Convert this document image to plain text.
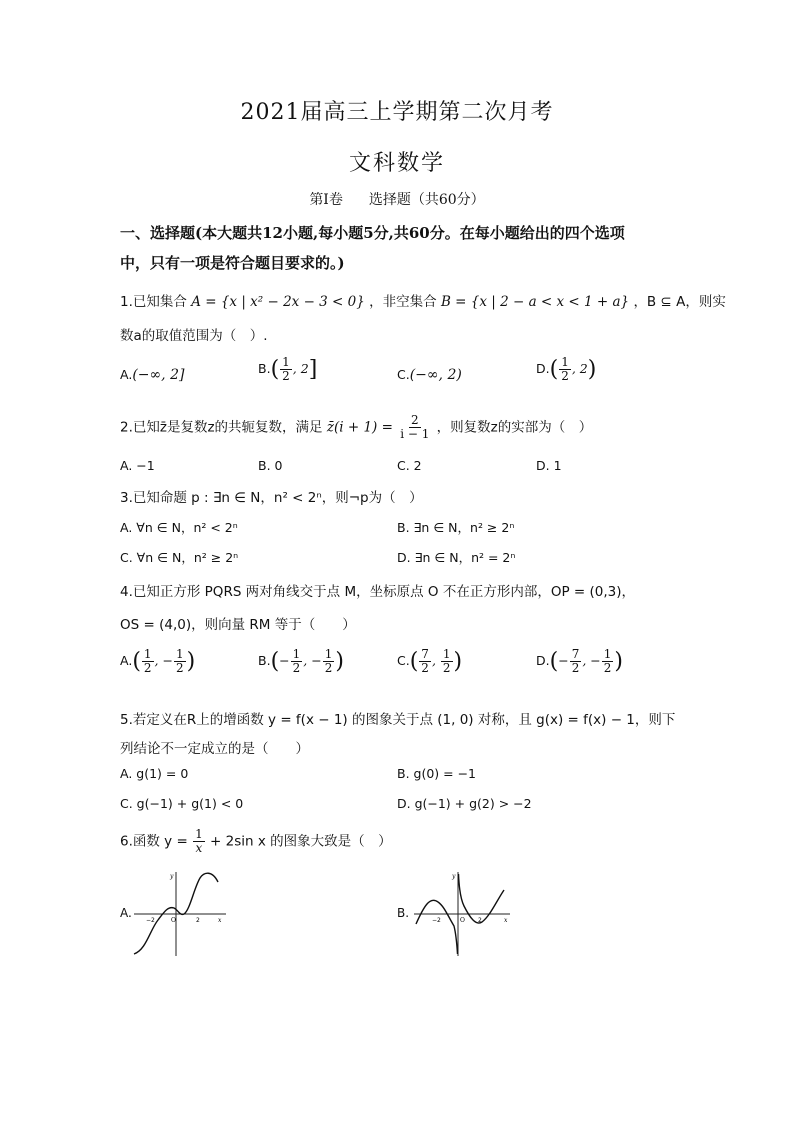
2021届高三上学期第二次月考
文科数学
第Ⅰ卷 选择题（共60分）
一、选择题(本大题共12小题,每小题5分,共60分。在每小题给出的四个选项
中，只有一项是符合题目要求的。)
1.已知集合 A = {x | x² − 2x − 3 < 0} ，非空集合 B = {x | 2 − a < x < 1 + a} ，B ⊆ A，则实
数a的取值范围为（　）.
A.(−∞, 2]	$B.( \frac{1}{2}$ , 2]	C.(−∞, 2)	$D.( \frac{1}{2}$ , 2)
2.已知z̄是复数z的共轭复数，满足 z̄(i + $1) = \frac{2}{i - 1}$ ，则复数z的实部为（　）
A. −1	B. 0	C. 2	D. 1
3.已知命题 p : ∃n ∈ N，n² < 2ⁿ，则¬p为（　）
A. ∀n ∈ N，n² < 2ⁿ	B. ∃n ∈ N，n² ≥ 2ⁿ
C. ∀n ∈ N，n² ≥ 2ⁿ	D. ∃n ∈ N，n² = 2ⁿ
4.已知正方形 PQRS 两对角线交于点 M，坐标原点 O 不在正方形内部，OP = (0,3)，
OS = (4,0)，则向量 RM 等于（　　）
$A.( \frac{1}{2}$ , − $\frac{1}{2}$ )	$B.(- \frac{1}{2}$ , − $\frac{1}{2}$ )	$C.( \frac{7}{2}$ , $\frac{1}{2}$ )	$D.(- \frac{7}{2}$ , − $\frac{1}{2}$ )
5.若定义在R上的增函数 y = f(x − 1) 的图象关于点 (1, 0) 对称，且 g(x) = f(x) − 1，则下
列结论不一定成立的是（　　）
A. g(1) = 0	B. g(0) = −1
C. g(−1) + g(1) < 0	D. g(−1) + g(2) > −2
6.函数 $y = \frac{1}{x} + 2\sin$ x 的图象大致是（　）
A.
−2	2	x
y
O
B.
−2	2	x
y
O
